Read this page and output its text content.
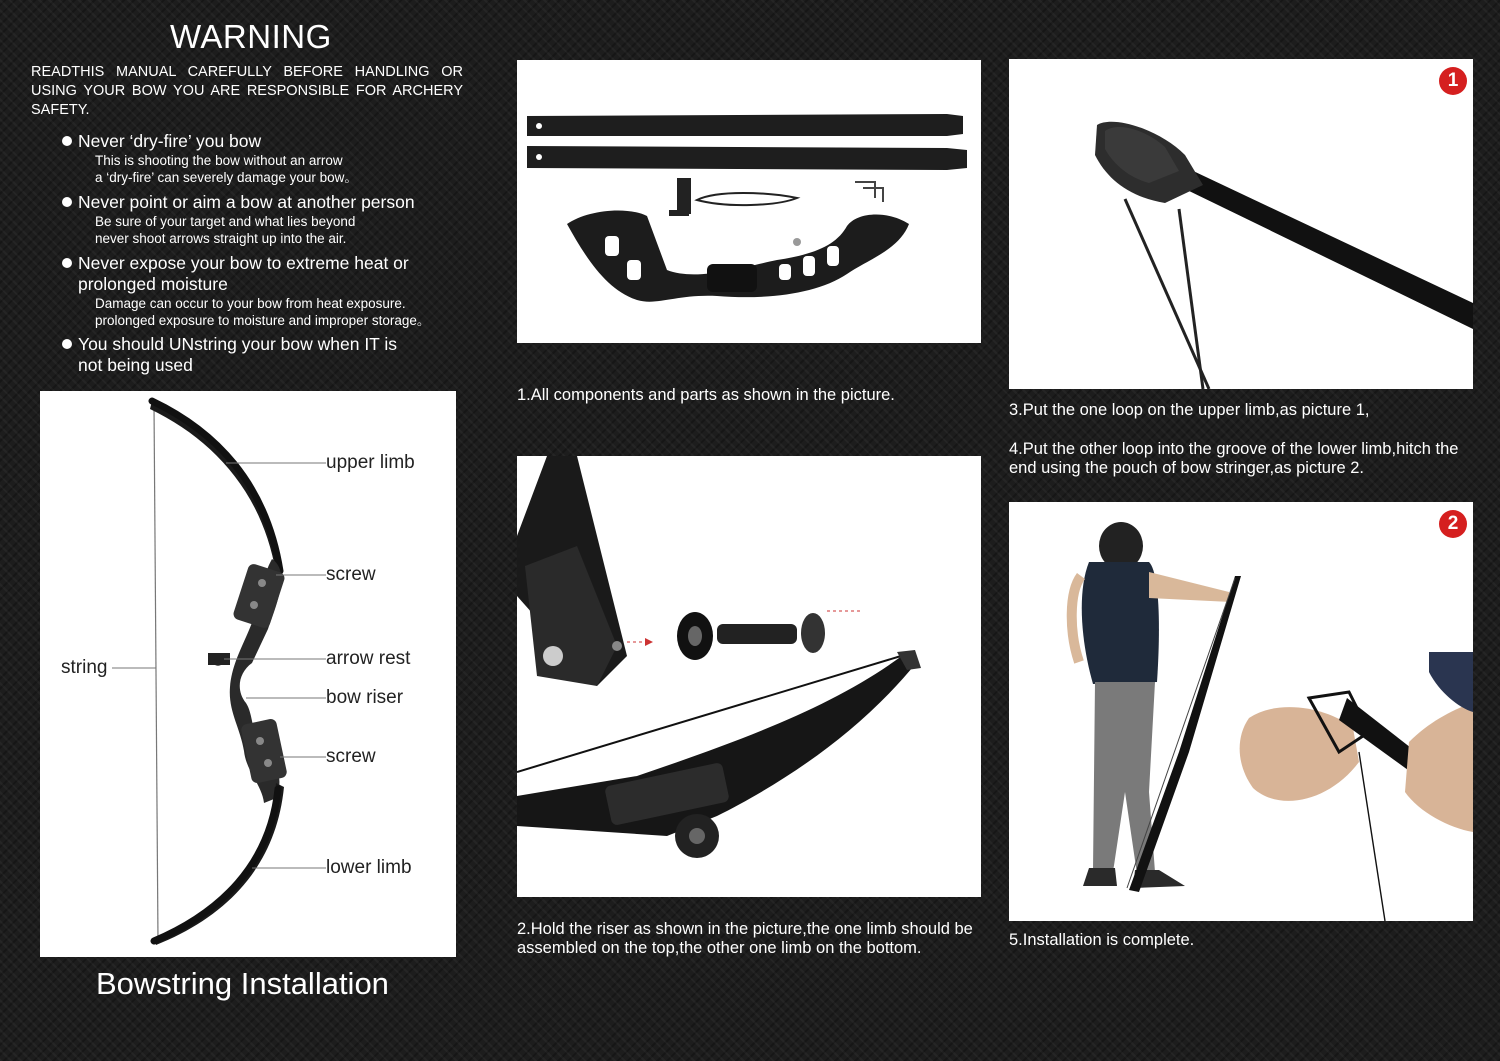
WARNING
READTHIS MANUAL CAREFULLY BEFORE HANDLING OR USING YOUR BOW YOU ARE RESPONSIBLE FOR ARCHERY SAFETY.
Never ‘dry-fire’ you bow
This is shooting the bow without an arrow
a ‘dry-fire’ can severely damage your bow。
Never point or aim a bow at another person
Be sure of your target and what lies beyond
never shoot arrows straight up into the air.
Never expose your bow to extreme heat or
prolonged moisture
Damage can occur to your bow from heat exposure.
prolonged exposure to moisture and improper storage。
You should UNstring your bow when IT is
not being used
upper limb
screw
string	arrow rest
bow riser
screw
lower limb
Bowstring Installation
1.All components and parts as shown in the picture.
2.Hold the riser as shown in the picture,the one limb should be assembled on the top,the other one limb on the bottom.
1
3.Put the one loop on the upper limb,as picture 1,
4.Put the other loop into the groove of the lower limb,hitch the end using the pouch of bow stringer,as picture 2.
2
5.Installation is complete.
